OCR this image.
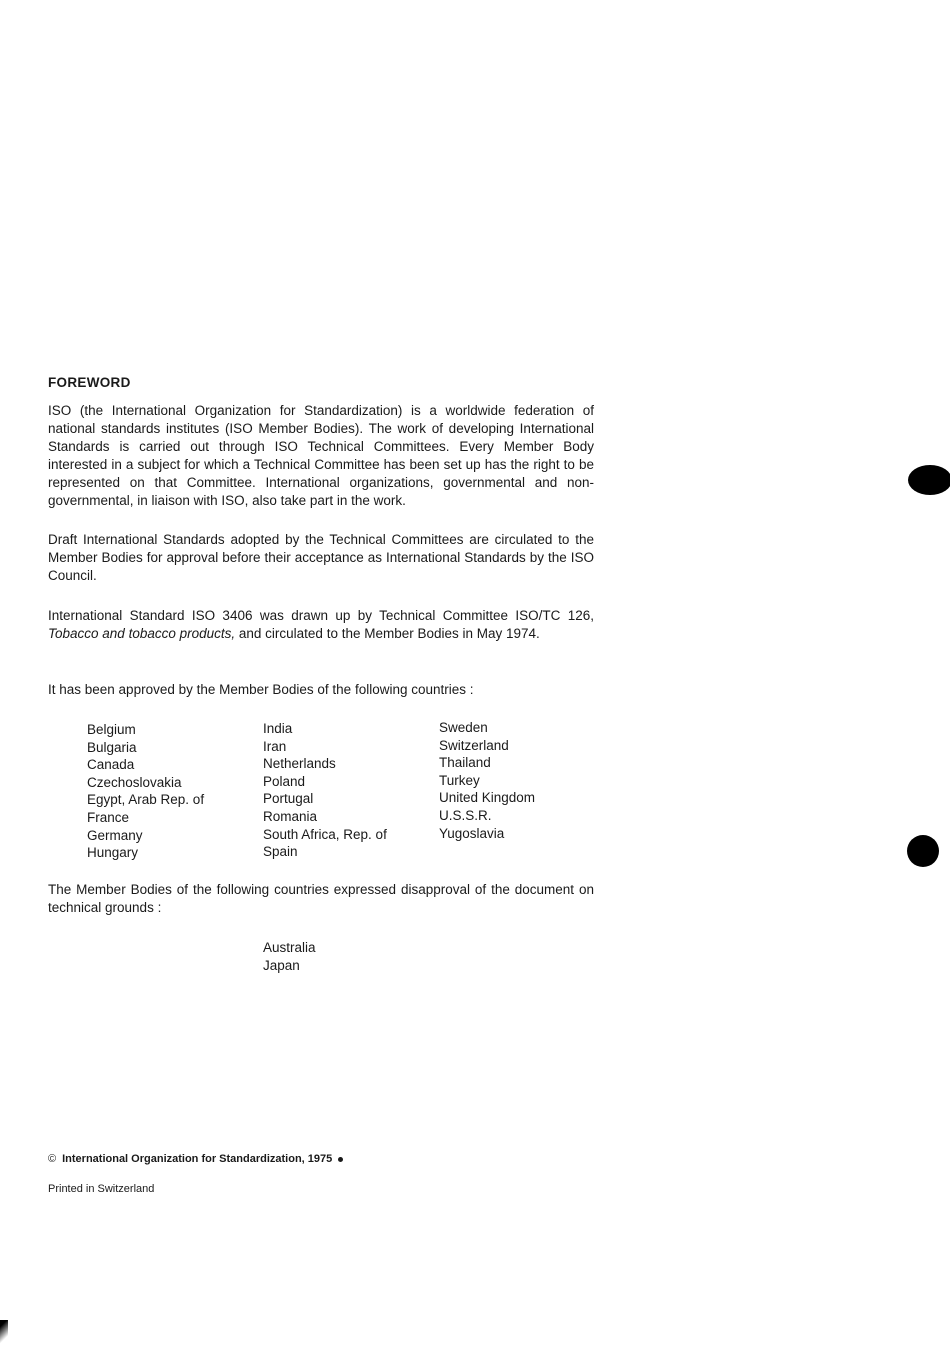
FOREWORD
ISO (the International Organization for Standardization) is a worldwide federation of national standards institutes (ISO Member Bodies). The work of developing International Standards is carried out through ISO Technical Committees. Every Member Body interested in a subject for which a Technical Committee has been set up has the right to be represented on that Committee. International organizations, governmental and non-governmental, in liaison with ISO, also take part in the work.
Draft International Standards adopted by the Technical Committees are circulated to the Member Bodies for approval before their acceptance as International Standards by the ISO Council.
International Standard ISO 3406 was drawn up by Technical Committee ISO/TC 126, Tobacco and tobacco products, and circulated to the Member Bodies in May 1974.
It has been approved by the Member Bodies of the following countries :
Belgium
Bulgaria
Canada
Czechoslovakia
Egypt, Arab Rep. of
France
Germany
Hungary
India
Iran
Netherlands
Poland
Portugal
Romania
South Africa, Rep. of
Spain
Sweden
Switzerland
Thailand
Turkey
United Kingdom
U.S.S.R.
Yugoslavia
The Member Bodies of the following countries expressed disapproval of the document on technical grounds :
Australia
Japan
© International Organization for Standardization, 1975
Printed in Switzerland
